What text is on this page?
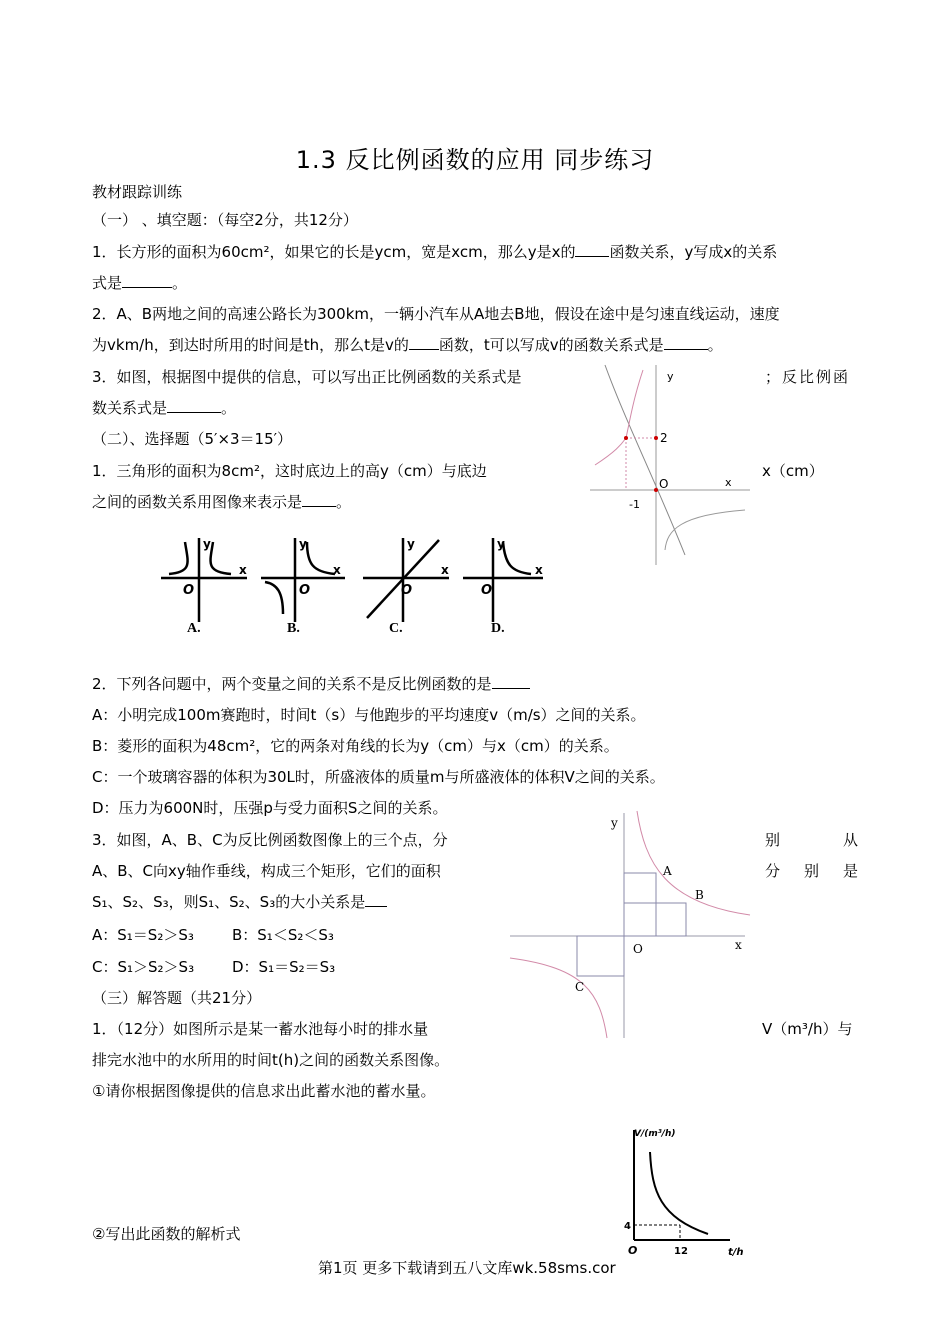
1.3 反比例函数的应用 同步练习
教材跟踪训练
（一） 、填空题：（每空2分，共12分）
1．长方形的面积为60cm²，如果它的长是ycm，宽是xcm，那么y是x的 函数关系，y写成x的关系
式是	。
2．A、B两地之间的高速公路长为300km，一辆小汽车从A地去B地，假设在途中是匀速直线运动，速度
为vkm/h，到达时所用的时间是th，那么t是v的 函数，t可以写成v的函数关系式是	。
3．如图，根据图中提供的信息，可以写出正比例函数的关系式是	；反比例函
数关系式是	。
y
2
O	x
-1
（二）、选择题（5′×3＝15′）
1．三角形的面积为8cm²，这时底边上的高y（cm）与底边	x（cm）
之间的函数关系用图像来表示是 。
y
x
O
y
x
O
y
x
O
y
x
O
A.	B.	C.	D.
2．下列各问题中，两个变量之间的关系不是反比例函数的是
A：小明完成100m赛跑时，时间t（s）与他跑步的平均速度v（m/s）之间的关系。
B：菱形的面积为48cm²，它的两条对角线的长为y（cm）与x（cm）的关系。
C：一个玻璃容器的体积为30L时，所盛液体的质量m与所盛液体的体积V之间的关系。
D：压力为600N时，压强p与受力面积S之间的关系。
3．如图，A、B、C为反比例函数图像上的三个点，分	别从
A、B、C向xy轴作垂线，构成三个矩形，它们的面积	分别是
S₁、S₂、S₃，则S₁、S₂、S₃的大小关系是
A：S₁＝S₂＞S₃	B：S₁＜S₂＜S₃
C：S₁＞S₂＞S₃	D：S₁＝S₂＝S₃
y
x
O
A
B
C
（三）解答题（共21分）
1．（12分）如图所示是某一蓄水池每小时的排水量	V（m³/h）与
排完水池中的水所用的时间t(h)之间的函数关系图像。
①请你根据图像提供的信息求出此蓄水池的蓄水量。
②写出此函数的解析式
V/(m³/h)
t/h
4
12
O
第1页 更多下载请到五八文库wk.58sms.cor
